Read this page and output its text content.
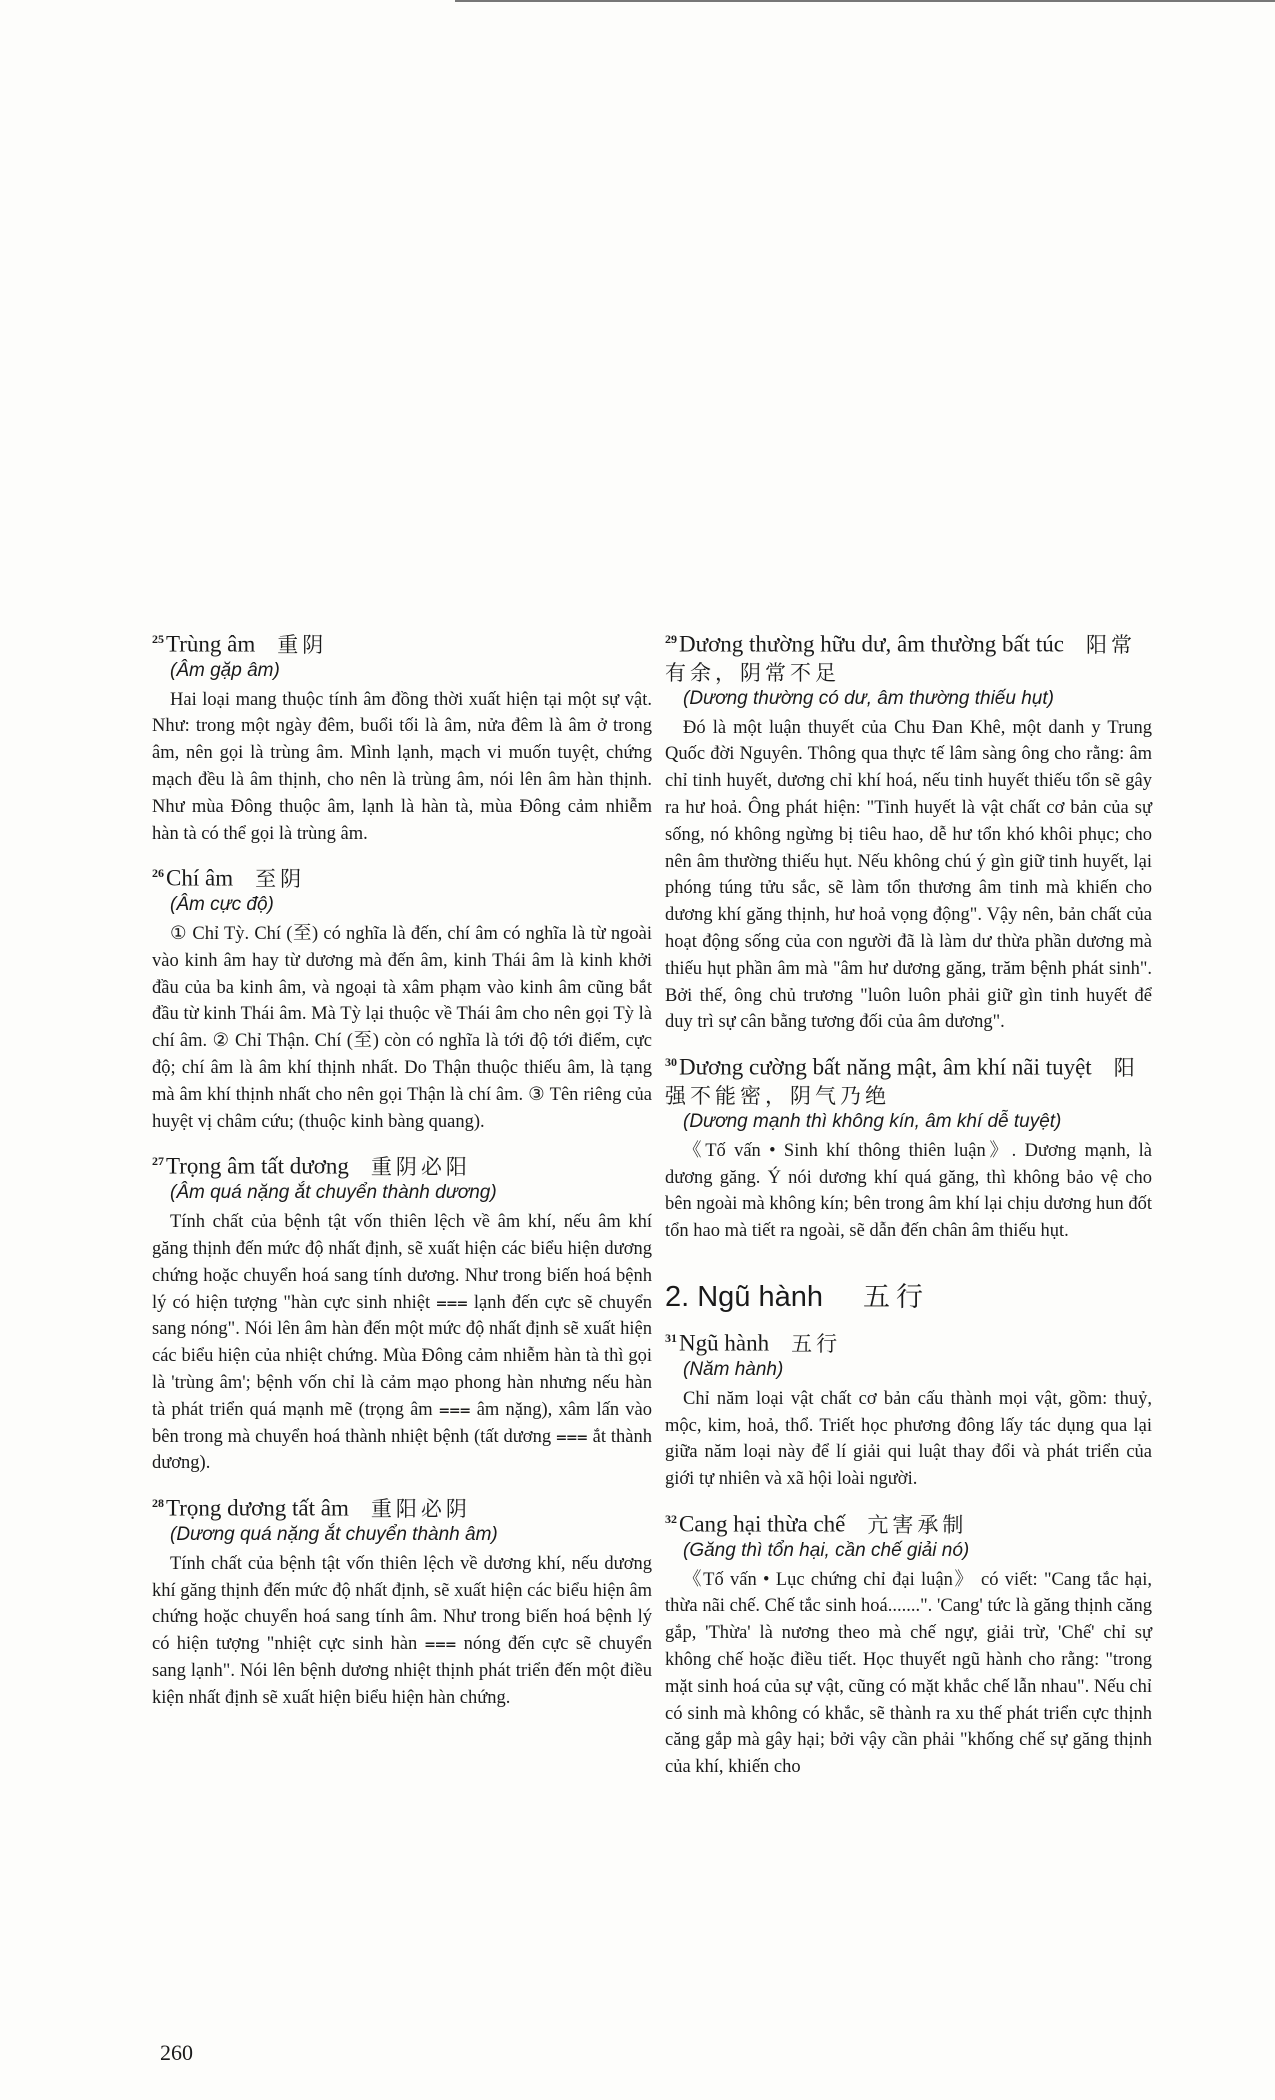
$^{25}$Trùng âm 重阴
(Âm gặp âm)

Hai loại mang thuộc tính âm đồng thời xuất hiện tại một sự vật. Như: trong một ngày đêm, buổi tối là âm, nửa đêm là âm ở trong âm, nên gọi là trùng âm. Mình lạnh, mạch vi muốn tuyệt, chứng mạch đều là âm thịnh, cho nên là trùng âm, nói lên âm hàn thịnh. Như mùa Đông thuộc âm, lạnh là hàn tà, mùa Đông cảm nhiễm hàn tà có thể gọi là trùng âm.

$^{26}$Chí âm 至阴
(Âm cực độ)

① Chỉ Tỳ. Chí (至) có nghĩa là đến, chí âm có nghĩa là từ ngoài vào kinh âm hay từ dương mà đến âm, kinh Thái âm là kinh khởi đầu của ba kinh âm, và ngoại tà xâm phạm vào kinh âm cũng bắt đầu từ kinh Thái âm. Mà Tỳ lại thuộc về Thái âm cho nên gọi Tỳ là chí âm. ② Chỉ Thận. Chí (至) còn có nghĩa là tới độ tới điểm, cực độ; chí âm là âm khí thịnh nhất. Do Thận thuộc thiếu âm, là tạng mà âm khí thịnh nhất cho nên gọi Thận là chí âm. ③ Tên riêng của huyệt vị châm cứu; (thuộc kinh bàng quang).

$^{27}$Trọng âm tất dương 重阴必阳
(Âm quá nặng ắt chuyển thành dương)

Tính chất của bệnh tật vốn thiên lệch về âm khí, nếu âm khí găng thịnh đến mức độ nhất định, sẽ xuất hiện các biểu hiện dương chứng hoặc chuyển hoá sang tính dương. Như trong biến hoá bệnh lý có hiện tượng "hàn cực sinh nhiệt ⩶ lạnh đến cực sẽ chuyển sang nóng". Nói lên âm hàn đến một mức độ nhất định sẽ xuất hiện các biểu hiện của nhiệt chứng. Mùa Đông cảm nhiễm hàn tà thì gọi là 'trùng âm'; bệnh vốn chỉ là cảm mạo phong hàn nhưng nếu hàn tà phát triển quá mạnh mẽ (trọng âm ⩶ âm nặng), xâm lấn vào bên trong mà chuyển hoá thành nhiệt bệnh (tất dương ⩶ ắt thành dương).

$^{28}$Trọng dương tất âm 重阳必阴
(Dương quá nặng ắt chuyển thành âm)

Tính chất của bệnh tật vốn thiên lệch về dương khí, nếu dương khí găng thịnh đến mức độ nhất định, sẽ xuất hiện các biểu hiện âm chứng hoặc chuyển hoá sang tính âm. Như trong biến hoá bệnh lý có hiện tượng "nhiệt cực sinh hàn ⩶ nóng đến cực sẽ chuyển sang lạnh". Nói lên bệnh dương nhiệt thịnh phát triển đến một điều kiện nhất định sẽ xuất hiện biểu hiện hàn chứng.

$^{29}$Dương thường hữu dư, âm thường bất túc 阳常有余，阴常不足
(Dương thường có dư, âm thường thiếu hụt)

Đó là một luận thuyết của Chu Đan Khê, một danh y Trung Quốc đời Nguyên. Thông qua thực tế lâm sàng ông cho rằng: âm chỉ tinh huyết, dương chỉ khí hoá, nếu tinh huyết thiếu tổn sẽ gây ra hư hoả. Ông phát hiện: "Tinh huyết là vật chất cơ bản của sự sống, nó không ngừng bị tiêu hao, dễ hư tổn khó khôi phục; cho nên âm thường thiếu hụt. Nếu không chú ý gìn giữ tinh huyết, lại phóng túng tửu sắc, sẽ làm tổn thương âm tinh mà khiến cho dương khí găng thịnh, hư hoả vọng động". Vậy nên, bản chất của hoạt động sống của con người đã là làm dư thừa phần dương mà thiếu hụt phần âm mà "âm hư dương găng, trăm bệnh phát sinh". Bởi thế, ông chủ trương "luôn luôn phải giữ gìn tinh huyết để duy trì sự cân bằng tương đối của âm dương".

$^{30}$Dương cường bất năng mật, âm khí nãi tuyệt 阳强不能密，阴气乃绝
(Dương mạnh thì không kín, âm khí dễ tuyệt)

《Tố vấn • Sinh khí thông thiên luận》. Dương mạnh, là dương găng. Ý nói dương khí quá găng, thì không bảo vệ cho bên ngoài mà không kín; bên trong âm khí lại chịu dương hun đốt tổn hao mà tiết ra ngoài, sẽ dẫn đến chân âm thiếu hụt.

2. Ngũ hành 五行
$^{31}$Ngũ hành 五行
(Năm hành)

Chỉ năm loại vật chất cơ bản cấu thành mọi vật, gồm: thuỷ, mộc, kim, hoả, thổ. Triết học phương đông lấy tác dụng qua lại giữa năm loại này để lí giải qui luật thay đổi và phát triển của giới tự nhiên và xã hội loài người.

$^{32}$Cang hại thừa chế 亢害承制
(Găng thì tổn hại, cần chế giải nó)

《Tố vấn • Lục chứng chỉ đại luận》 có viết: "Cang tắc hại, thừa nãi chế. Chế tắc sinh hoá.......". 'Cang' tức là găng thịnh căng gắp, 'Thừa' là nương theo mà chế ngự, giải trừ, 'Chế' chỉ sự không chế hoặc điều tiết. Học thuyết ngũ hành cho rằng: "trong mặt sinh hoá của sự vật, cũng có mặt khắc chế lẫn nhau". Nếu chỉ có sinh mà không có khắc, sẽ thành ra xu thế phát triển cực thịnh căng gắp mà gây hại; bởi vậy cần phải "khống chế sự găng thịnh của khí, khiến cho

260
